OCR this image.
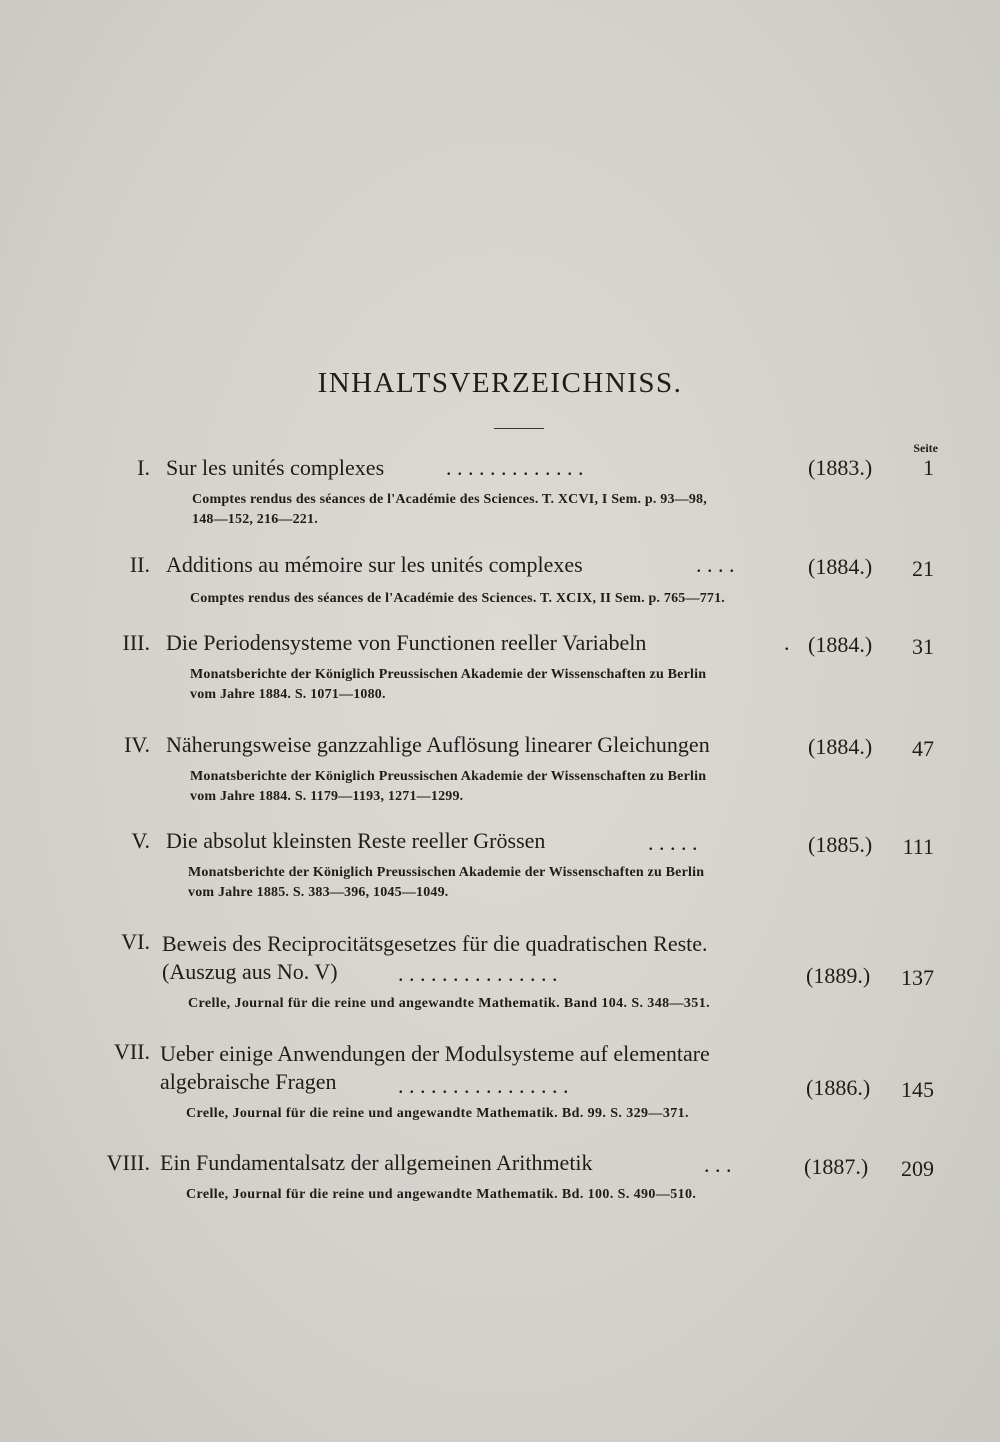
INHALTSVERZEICHNISS.
Seite
I. Sur les unités complexes	. . . . . . . . . . . . .	(1883.)	1
Comptes rendus des séances de l'Académie des Sciences. T. XCVI, I Sem. p. 93—98,
148—152, 216—221.
II. Additions au mémoire sur les unités complexes	. . . .	(1884.)	21
Comptes rendus des séances de l'Académie des Sciences. T. XCIX, II Sem. p. 765—771.
III. Die Periodensysteme von Functionen reeller Variabeln	. (1884.)	31
Monatsberichte der Königlich Preussischen Akademie der Wissenschaften zu Berlin
vom Jahre 1884. S. 1071—1080.
IV. Näherungsweise ganzzahlige Auflösung linearer Gleichungen	(1884.)	47
Monatsberichte der Königlich Preussischen Akademie der Wissenschaften zu Berlin
vom Jahre 1884. S. 1179—1193, 1271—1299.
V. Die absolut kleinsten Reste reeller Grössen	. . . . .	(1885.)	111
Monatsberichte der Königlich Preussischen Akademie der Wissenschaften zu Berlin
vom Jahre 1885. S. 383—396, 1045—1049.
VI. Beweis des Reciprocitätsgesetzes für die quadratischen Reste.
(Auszug aus No. V)	. . . . . . . . . . . . . . .	(1889.)	137
Crelle, Journal für die reine und angewandte Mathematik. Band 104. S. 348—351.
VII. Ueber einige Anwendungen der Modulsysteme auf elementare
algebraische Fragen	. . . . . . . . . . . . . . . .	(1886.)	145
Crelle, Journal für die reine und angewandte Mathematik. Bd. 99. S. 329—371.
VIII. Ein Fundamentalsatz der allgemeinen Arithmetik	. . .	(1887.)	209
Crelle, Journal für die reine und angewandte Mathematik. Bd. 100. S. 490—510.
